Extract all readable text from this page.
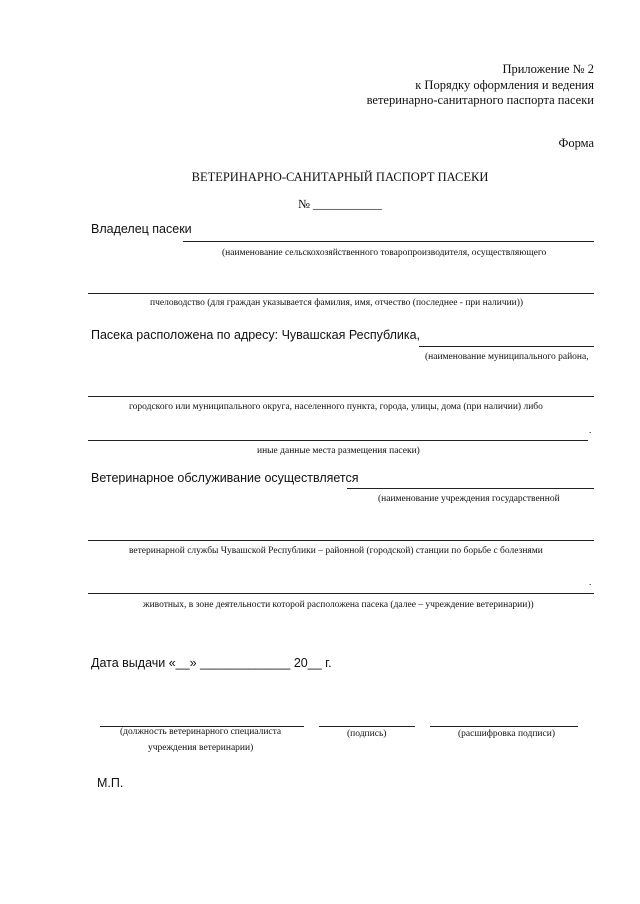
Приложение № 2
к Порядку оформления и ведения
ветеринарно-санитарного паспорта пасеки
Форма
ВЕТЕРИНАРНО-САНИТАРНЫЙ ПАСПОРТ ПАСЕКИ
№ ___________
Владелец пасеки
(наименование сельскохозяйственного товаропроизводителя, осуществляющего
пчеловодство (для граждан указывается фамилия, имя, отчество (последнее - при наличии))
Пасека расположена по адресу: Чувашская Республика,
(наименование муниципального района,
городского или муниципального округа, населенного пункта, города, улицы, дома (при наличии) либо
.
иные данные места размещения пасеки)
Ветеринарное обслуживание осуществляется
(наименование учреждения государственной
ветеринарной службы Чувашской Республики – районной (городской) станции по борьбе с болезнями
.
животных, в зоне деятельности которой расположена пасека (далее – учреждение ветеринарии))
Дата выдачи «__» _____________ 20__ г.
(должность ветеринарного специалиста
учреждения ветеринарии)
(подпись)	(расшифровка подписи)
М.П.
